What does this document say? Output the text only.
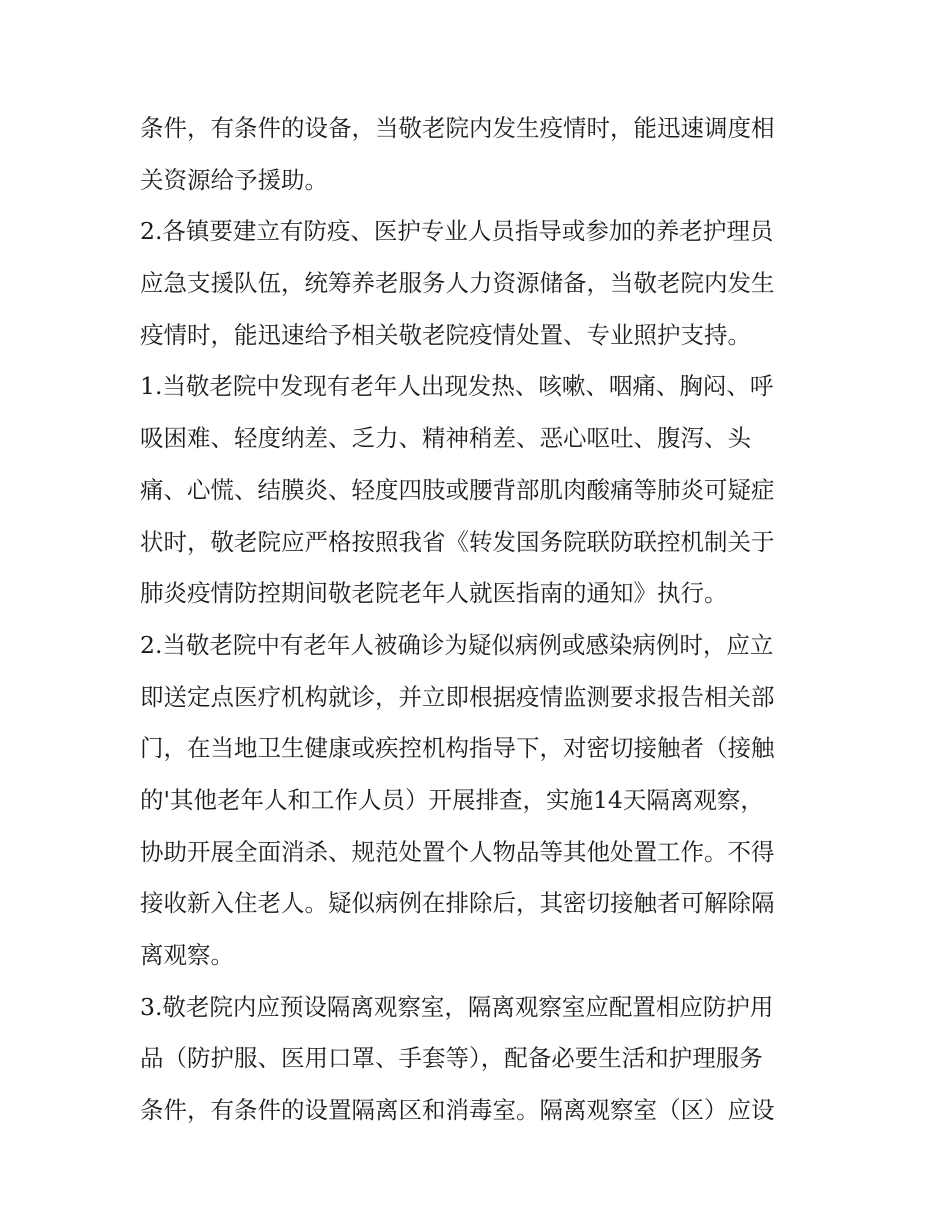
条件，有条件的设备，当敬老院内发生疫情时，能迅速调度相
关资源给予援助。
2.各镇要建立有防疫、医护专业人员指导或参加的养老护理员
应急支援队伍，统筹养老服务人力资源储备，当敬老院内发生
疫情时，能迅速给予相关敬老院疫情处置、专业照护支持。
1.当敬老院中发现有老年人出现发热、咳嗽、咽痛、胸闷、呼
吸困难、轻度纳差、乏力、精神稍差、恶心呕吐、腹泻、头
痛、心慌、结膜炎、轻度四肢或腰背部肌肉酸痛等肺炎可疑症
状时，敬老院应严格按照我省《转发国务院联防联控机制关于
肺炎疫情防控期间敬老院老年人就医指南的通知》执行。
2.当敬老院中有老年人被确诊为疑似病例或感染病例时，应立
即送定点医疗机构就诊，并立即根据疫情监测要求报告相关部
门，在当地卫生健康或疾控机构指导下，对密切接触者（接触
的'其他老年人和工作人员）开展排查，实施14天隔离观察，
协助开展全面消杀、规范处置个人物品等其他处置工作。不得
接收新入住老人。疑似病例在排除后，其密切接触者可解除隔
离观察。
3.敬老院内应预设隔离观察室，隔离观察室应配置相应防护用
品（防护服、医用口罩、手套等），配备必要生活和护理服务
条件，有条件的设置隔离区和消毒室。隔离观察室（区）应设
